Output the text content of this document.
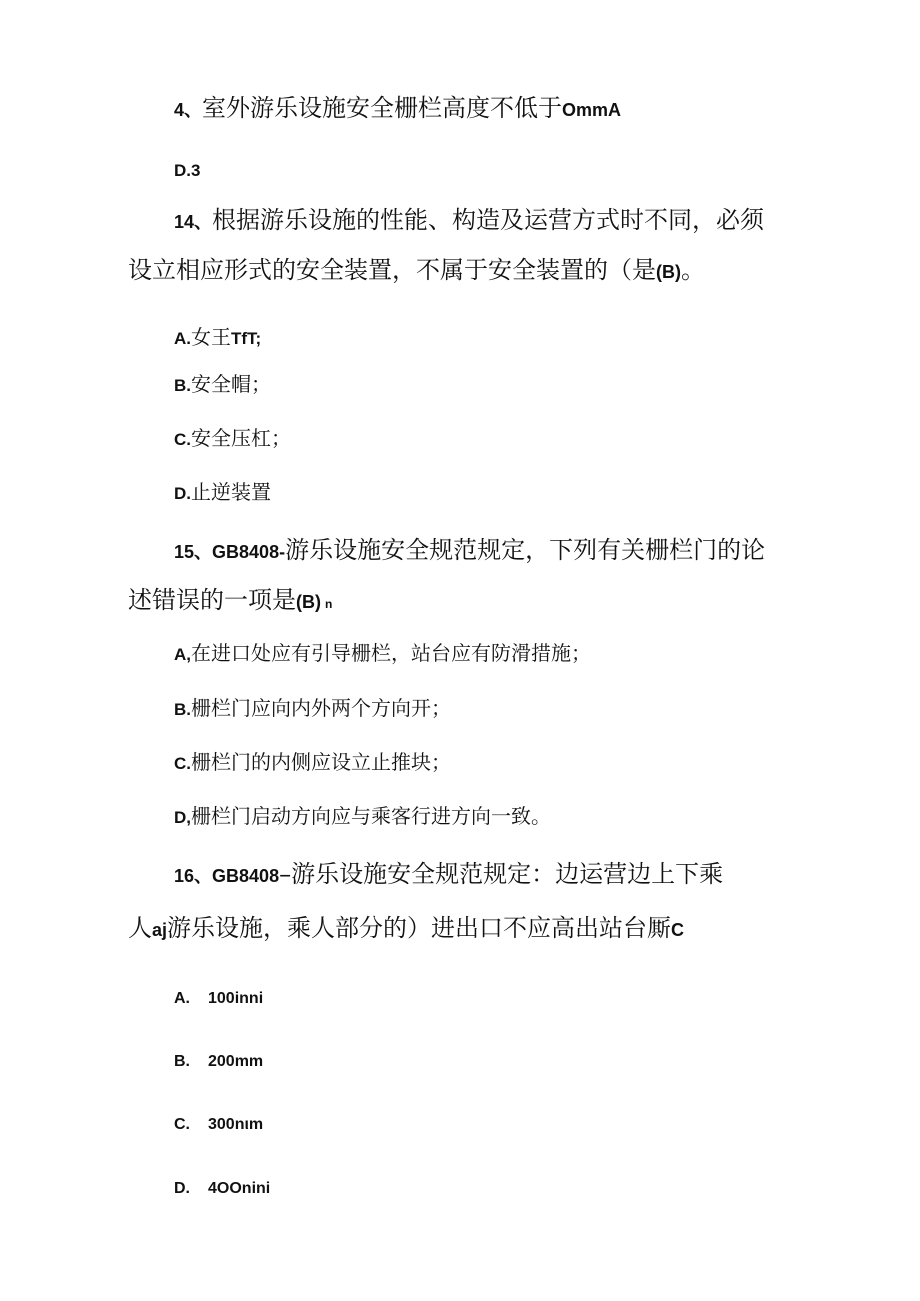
4、室外游乐设施安全栅栏高度不低于OmmA
D.3
14、根据游乐设施的性能、构造及运营方式时不同，必须
设立相应形式的安全装置，不属于安全装置的（是(B)。
A.女王TfT;
B.安全帽；
C.安全压杠；
D.止逆装置
15、GB8408-游乐设施安全规范规定，下列有关栅栏门的论
述错误的一项是(B) n
A,在进口处应有引导栅栏，站台应有防滑措施；
B.栅栏门应向内外两个方向开；
C.栅栏门的内侧应设立止推块；
D,栅栏门启动方向应与乘客行进方向一致。
16、GB8408–游乐设施安全规范规定：边运营边上下乘
人aj游乐设施，乘人部分的）进出口不应高出站台厮C
A. 100inni
B. 200mm
C. 300nιm
D. 4OOnini
